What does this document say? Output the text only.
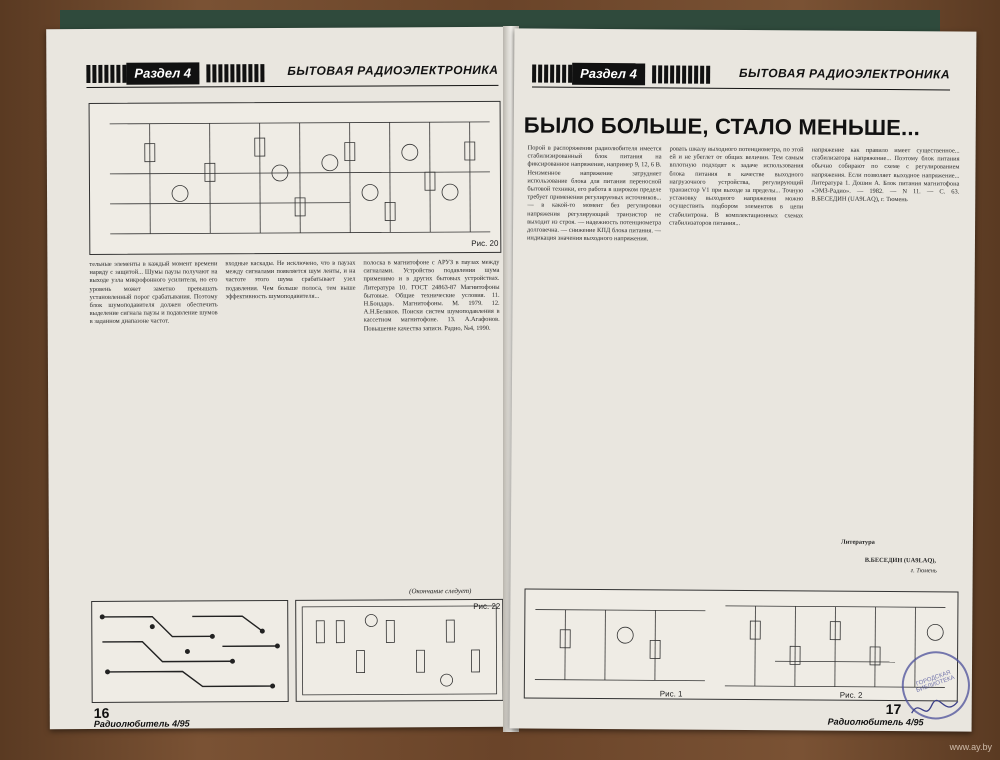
Раздел 4	БЫТОВАЯ РАДИОЭЛЕКТРОНИКА
Рис. 20

тельные элементы в каждый момент времени наряду с защитой... Шумы паузы получают на выходе узла микрофонного усилителя, но его уровень может заметно превышать установленный порог срабатывания. Поэтому блок шумоподавителя должен обеспечить выделение сигнала паузы и подавление шумов в заданном диапазоне частот.

входные каскады. Не исключено, что в паузах между сигналами появляется шум ленты, и на частоте этого шума срабатывает узел подавления. Чем больше полоса, тем выше эффективность шумоподавителя...

полоска в магнитофоне с АРУЗ в паузах между сигналами. Устройство подавления шума применимо и в других бытовых устройствах. Литература 10. ГОСТ 24863-87 Магнитофоны бытовые. Общие технические условия. 11. Н.Бондарь. Магнитофоны. М. 1979. 12. А.Н.Беляков. Поиски систем шумоподавления в кассетном магнитофоне. 13. А.Агафонов. Повышение качества записи. Радио, №4, 1990.

(Окончание следует)
Рис. 22
16
Радиолюбитель 4/95
Раздел 4	БЫТОВАЯ РАДИОЭЛЕКТРОНИКА
БЫЛО БОЛЬШЕ, СТАЛО МЕНЬШЕ...

Порой в распоряжении радиолюбителя имеется стабилизированный блок питания на фиксированное напряжение, например 9, 12, 6 В. Неизменное напряжение затрудняет использование блока для питания переносной бытовой техники, его работа в широком пределе требует применения регулируемых источников... — в какой-то момент без регулировки напряжения регулирующий транзистор не выходит из строя. — надежность потенциометра долговечна. — снижение КПД блока питания. — индикация значения выходного напряжения.

ровать шкалу выходного потенциометра, по этой ей и не убеглет от общих величин. Тем самым вплотную подходят к задаче использования блока питания в качестве выходного нагрузочного устройства, регулирующий транзистор V1 при выходе за пределы... Точную установку выходного напряжения можно осуществить подбором элементов в цепи стабилитрона. В комплектационных схемах стабилизаторов питания...

напряжение как правило имеет существенное... стабилизатора напряжение... Поэтому блок питания обычно собирают по схеме с регулированием напряжения. Если позволяет выходное напряжение... Литература 1. Дошин А. Блок питания магнитофона «ЭМЗ-Радио». — 1982. — N 11. — С. 63. В.БЕСЕДИН (UA9LAQ), г. Тюмень

Литература
В.БЕСЕДИН (UA9LAQ),
г. Тюмень
Рис. 1	Рис. 2
17
Радиолюбитель 4/95
ГОРОДСКАЯ БИБЛИОТЕКА
www.ay.by
